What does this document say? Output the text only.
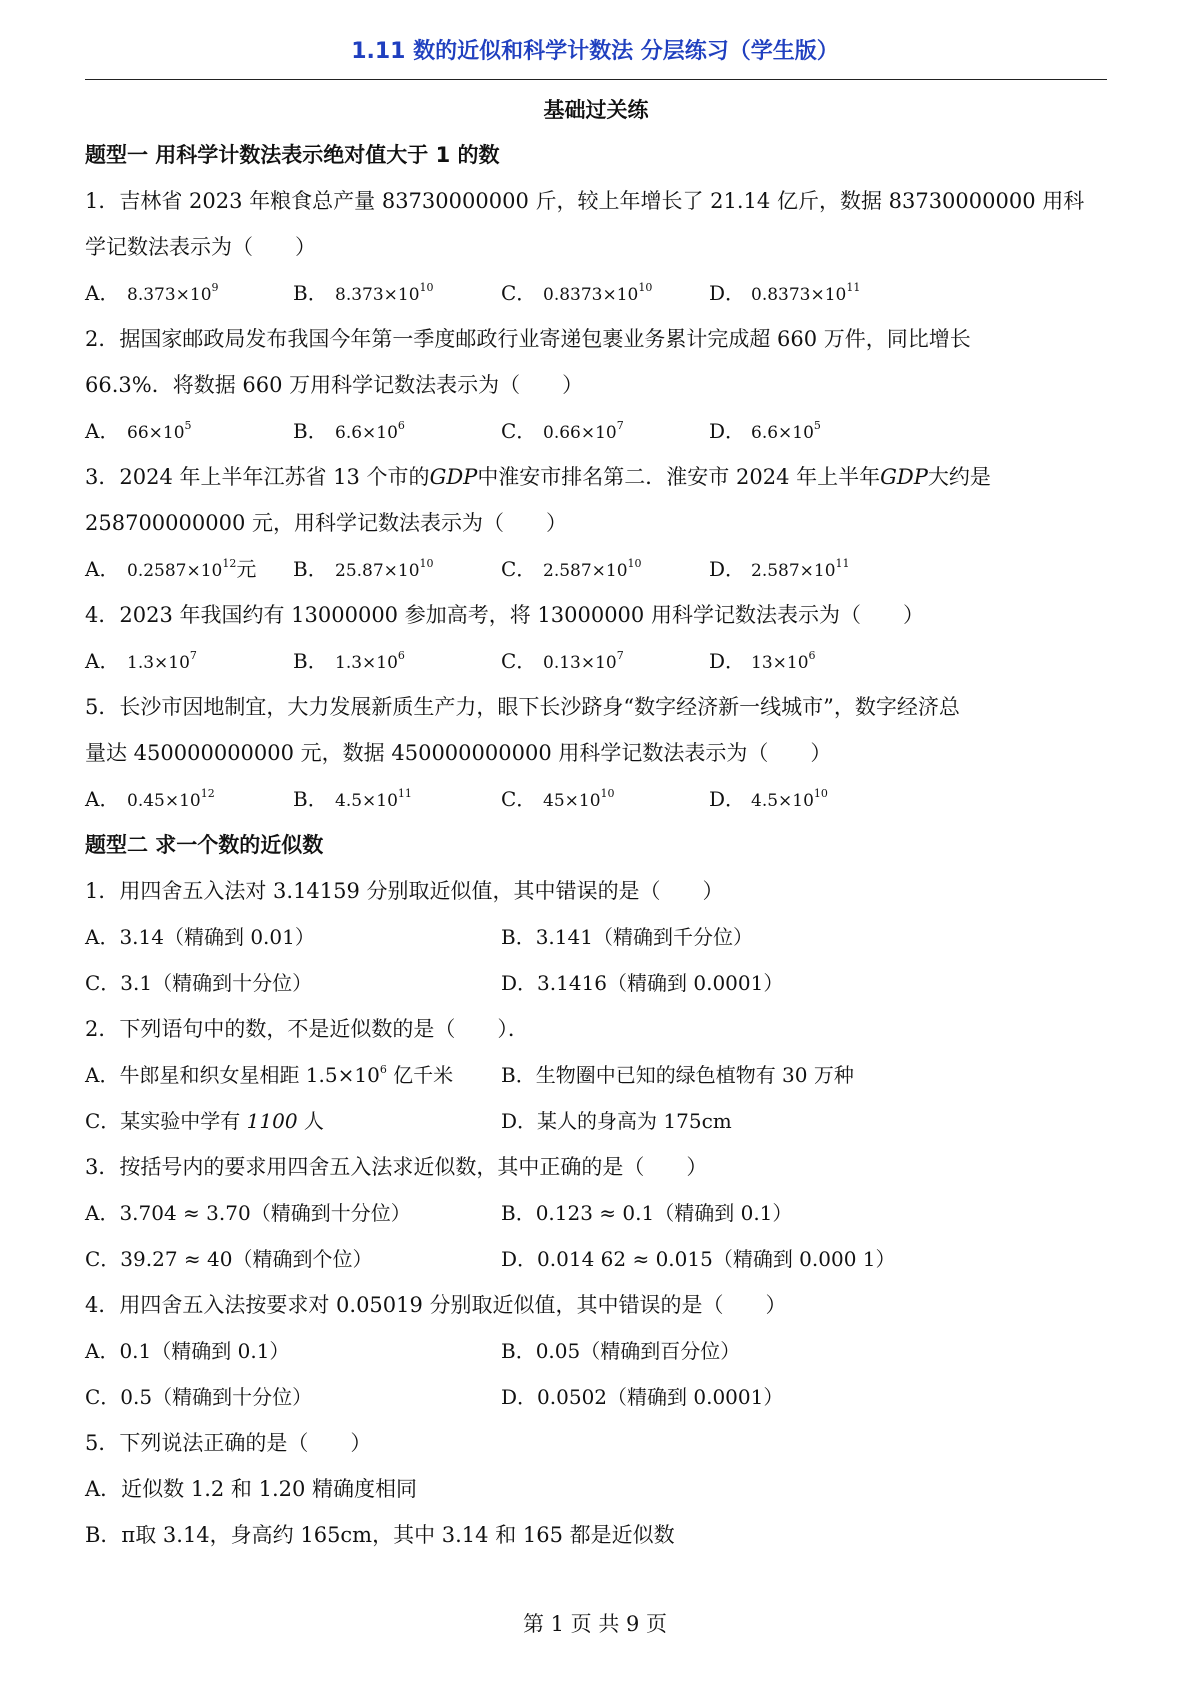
1.11 数的近似和科学计数法 分层练习（学生版）
基础过关练
题型一 用科学计数法表示绝对值大于 1 的数
1．吉林省 2023 年粮食总产量 83730000000 斤，较上年增长了 21.14 亿斤，数据 83730000000 用科
学记数法表示为（　　）
A． $8.373\times 10^9$	B． $8.373\times 10^{10}$	C． $0.8373\times 10^{10}$	D． $0.8373\times 10^{11}$
2．据国家邮政局发布我国今年第一季度邮政行业寄递包裹业务累计完成超 660 万件，同比增长
66.3%．将数据 660 万用科学记数法表示为（　　）
A． $66\times 10^5$	B． $6.6\times 10^6$	C． $0.66\times 10^7$	D． $6.6\times 10^5$
3．2024 年上半年江苏省 13 个市的GDP中淮安市排名第二．淮安市 2024 年上半年GDP大约是
258700000000 元，用科学记数法表示为（　　）
A． $0.2587\times 10^{12}$元	B． $25.87\times 10^{10}$	C． $2.587\times 10^{10}$	D． $2.587\times 10^{11}$
4．2023 年我国约有 13000000 参加高考，将 13000000 用科学记数法表示为（　　）
A． $1.3\times 10^7$	B． $1.3\times 10^6$	C． $0.13\times 10^7$	D． $13\times 10^6$
5．长沙市因地制宜，大力发展新质生产力，眼下长沙跻身“数字经济新一线城市”，数字经济总
量达 450000000000 元，数据 450000000000 用科学记数法表示为（　　）
A． $0.45\times 10^{12}$	B． $4.5\times 10^{11}$	C． $45\times 10^{10}$	D． $4.5\times 10^{10}$
题型二 求一个数的近似数
1．用四舍五入法对 3.14159 分别取近似值，其中错 ·误 ·的是（　　）
A．3.14（精确到 0.01）	B．3.141（精确到千分位）
C．3.1（精确到十分位）	D．3.1416（精确到 0.0001）
2．下列语句中的数，不是近似数的是（　　）．
A．牛郎星和织女星相距 $1.5\times 10^6$ 亿千米	B．生物圈中已知的绿色植物有 30 万种
C．某实验中学有 1100 人	D．某人的身高为 175cm
3．按括号内的要求用四舍五入法求近似数，其中正确的是（　　）
A．3.704 ≈ 3.70（精确到十分位）	B．0.123 ≈ 0.1（精确到 0.1）
C．39.27 ≈ 40（精确到个位）	D．0.014 62 ≈ 0.015（精确到 0.000 1）
4．用四舍五入法按要求对 0.05019 分别取近似值，其中错误的是（　　）
A．0.1（精确到 0.1）	B．0.05（精确到百分位）
C．0.5（精确到十分位）	D．0.0502（精确到 0.0001）
5．下列说法正确的是（　　）
A．近似数 1.2 和 1.20 精确度相同
B．π取 3.14，身高约 165cm，其中 3.14 和 165 都是近似数
第 1 页 共 9 页
